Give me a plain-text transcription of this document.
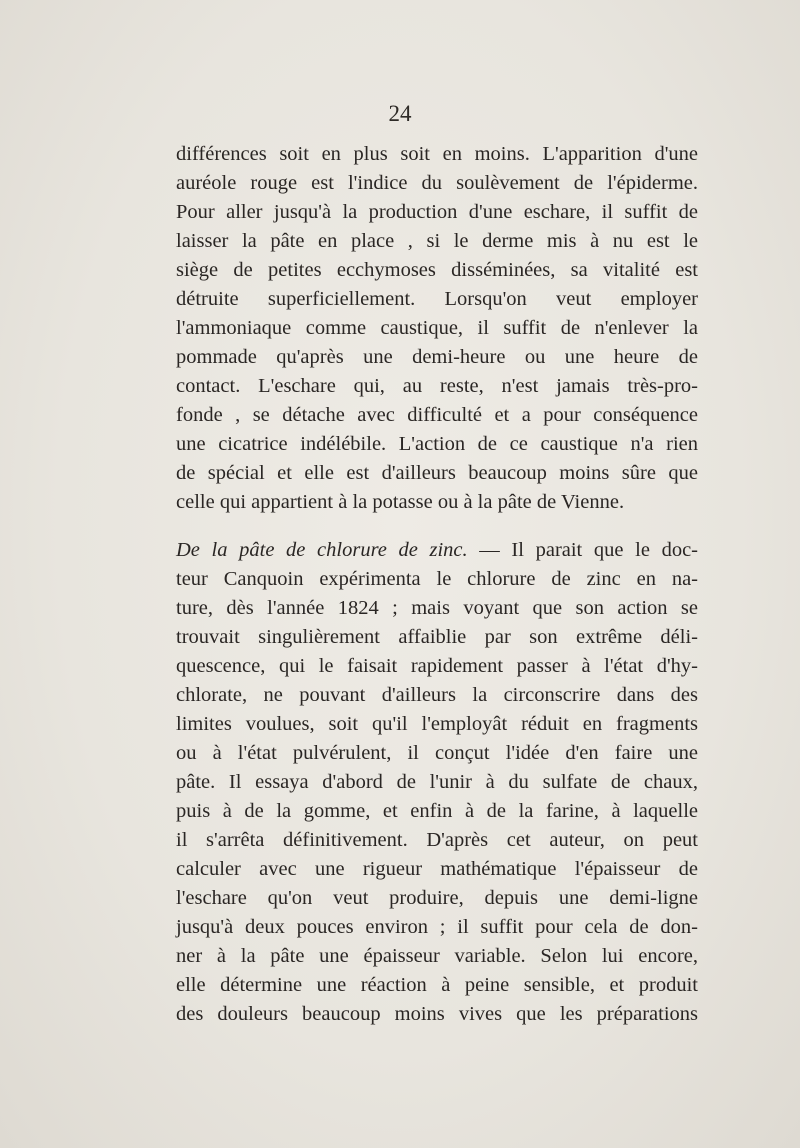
24
différences soit en plus soit en moins. L'apparition d'une
auréole rouge est l'indice du soulèvement de l'épiderme.
Pour aller jusqu'à la production d'une eschare, il suffit de
laisser la pâte en place , si le derme mis à nu est le
siège de petites ecchymoses disséminées, sa vitalité est
détruite superficiellement. Lorsqu'on veut employer
l'ammoniaque comme caustique, il suffit de n'enlever la
pommade qu'après une demi-heure ou une heure de
contact. L'eschare qui, au reste, n'est jamais très-pro-
fonde , se détache avec difficulté et a pour conséquence
une cicatrice indélébile. L'action de ce caustique n'a rien
de spécial et elle est d'ailleurs beaucoup moins sûre que
celle qui appartient à la potasse ou à la pâte de Vienne.
De la pâte de chlorure de zinc. — Il parait que le doc-
teur Canquoin expérimenta le chlorure de zinc en na-
ture, dès l'année 1824 ; mais voyant que son action se
trouvait singulièrement affaiblie par son extrême déli-
quescence, qui le faisait rapidement passer à l'état d'hy-
chlorate, ne pouvant d'ailleurs la circonscrire dans des
limites voulues, soit qu'il l'employât réduit en fragments
ou à l'état pulvérulent, il conçut l'idée d'en faire une
pâte. Il essaya d'abord de l'unir à du sulfate de chaux,
puis à de la gomme, et enfin à de la farine, à laquelle
il s'arrêta définitivement. D'après cet auteur, on peut
calculer avec une rigueur mathématique l'épaisseur de
l'eschare qu'on veut produire, depuis une demi-ligne
jusqu'à deux pouces environ ; il suffit pour cela de don-
ner à la pâte une épaisseur variable. Selon lui encore,
elle détermine une réaction à peine sensible, et produit
des douleurs beaucoup moins vives que les préparations
